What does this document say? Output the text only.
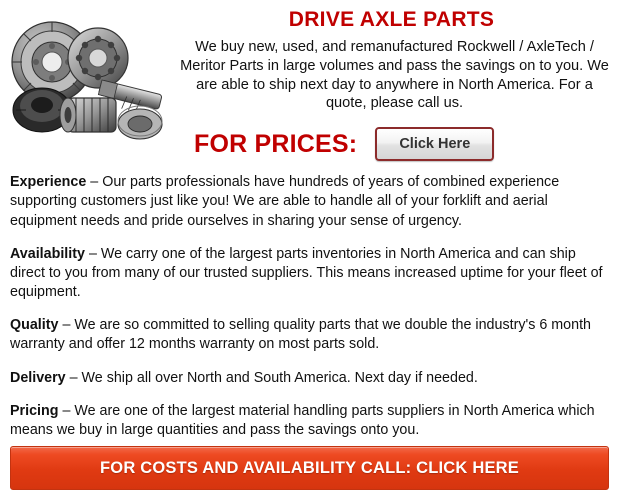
DRIVE AXLE PARTS

We buy new, used, and remanufactured Rockwell / AxleTech / Meritor Parts in large volumes and pass the savings on to you. We are able to ship next day to anywhere in North America. For a quote, please call us.

FOR PRICES:	Click Here

Experience – Our parts professionals have hundreds of years of combined experience supporting customers just like you! We are able to handle all of your forklift and aerial equipment needs and pride ourselves in sharing your sense of urgency.

Availability – We carry one of the largest parts inventories in North America and can ship direct to you from many of our trusted suppliers. This means increased uptime for your fleet of equipment.

Quality – We are so committed to selling quality parts that we double the industry's 6 month warranty and offer 12 months warranty on most parts sold.

Delivery – We ship all over North and South America. Next day if needed.

Pricing – We are one of the largest material handling parts suppliers in North America which means we buy in large quantities and pass the savings onto you.

FOR COSTS AND AVAILABILITY CALL: CLICK HERE
